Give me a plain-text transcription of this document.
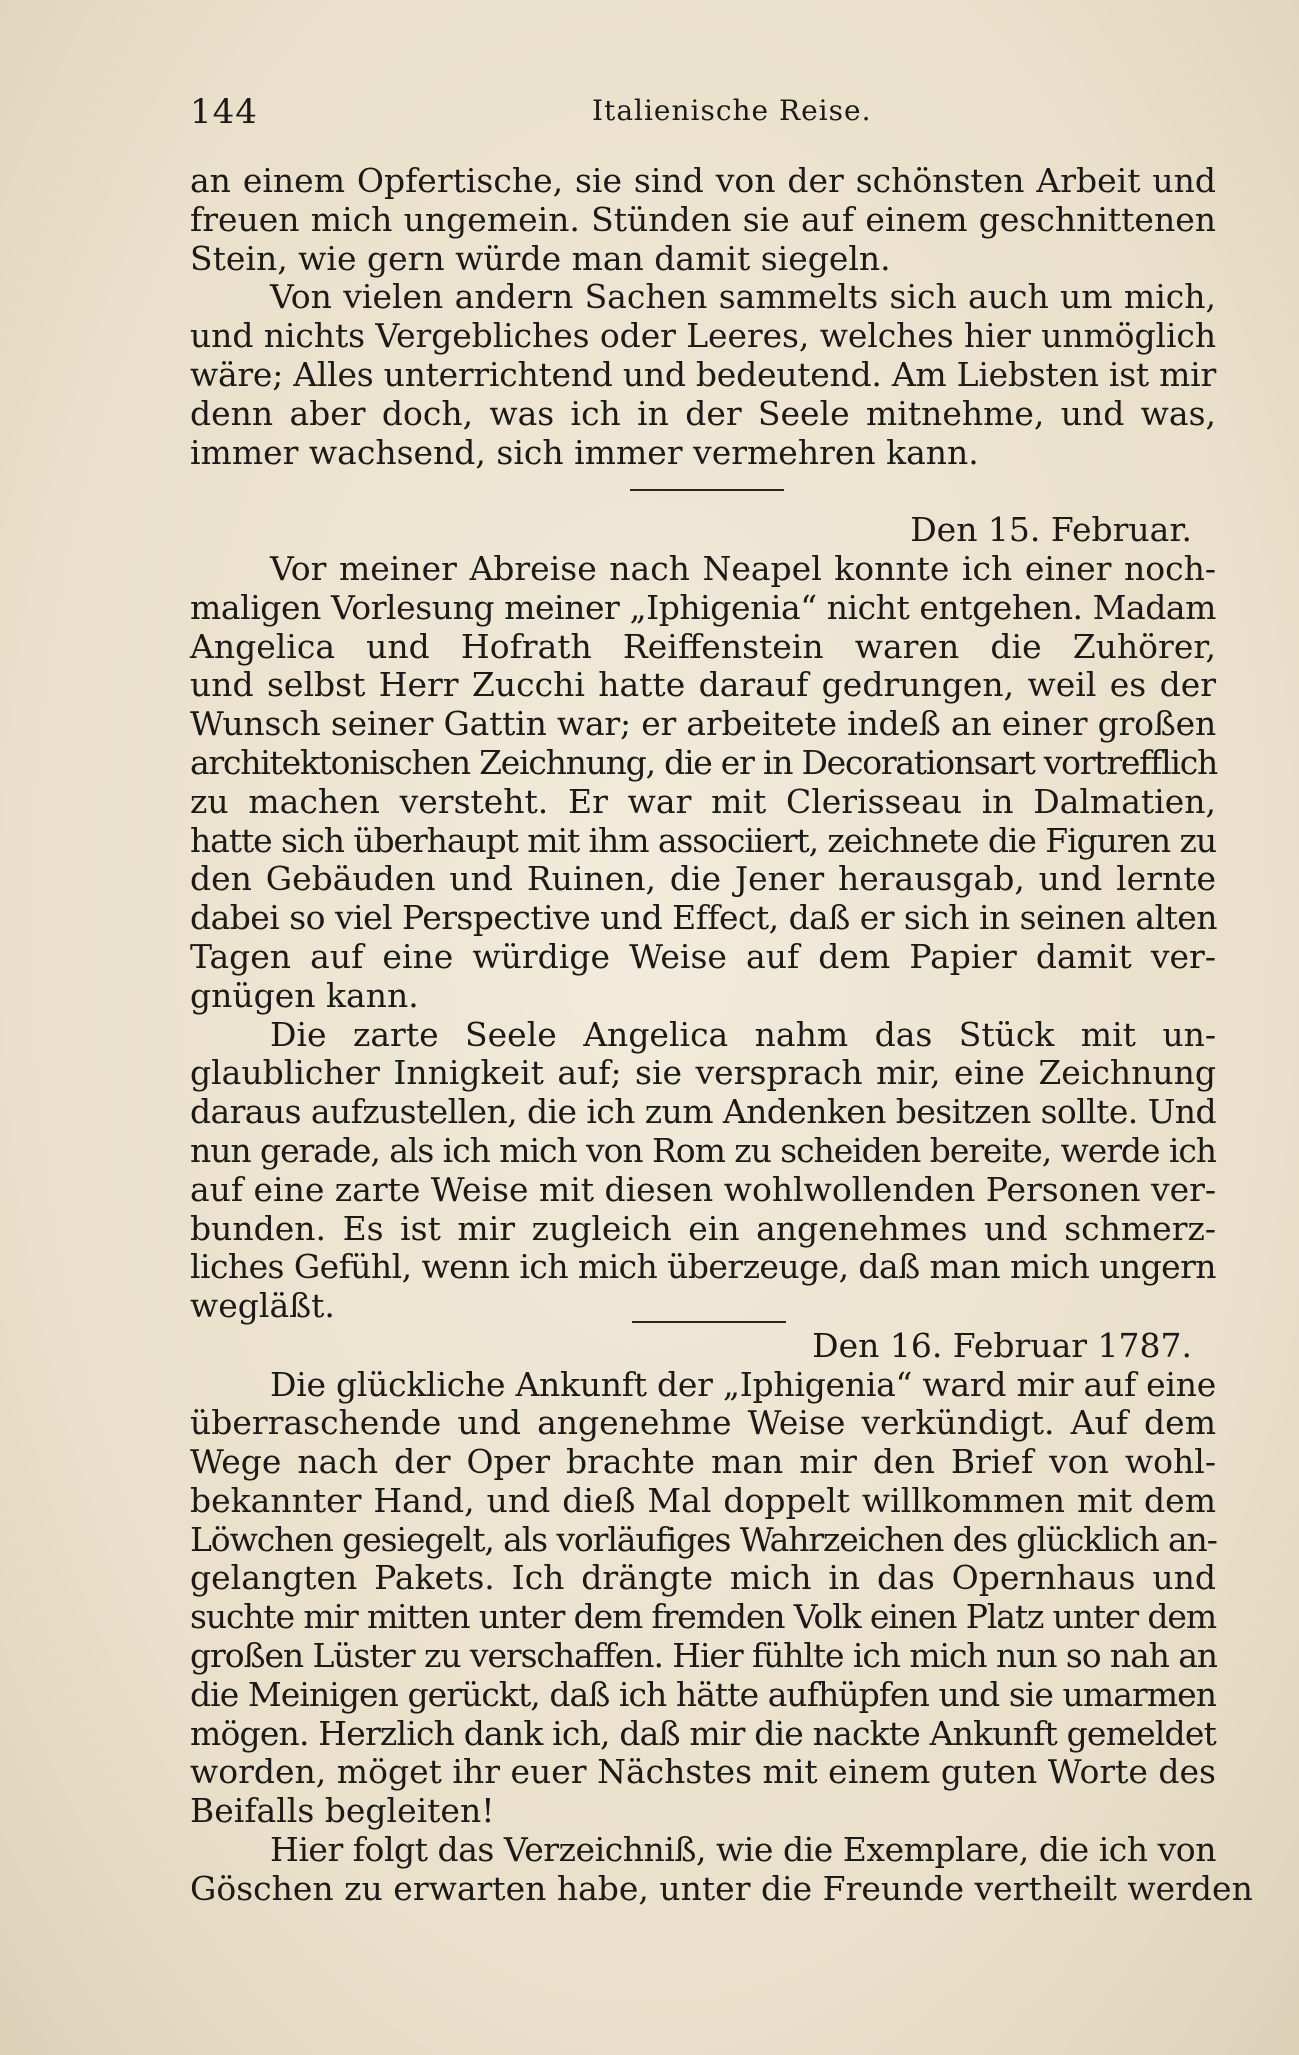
144	Italienische Reise.

an einem Opfertische, sie sind von der schönsten Arbeit und
freuen mich ungemein. Stünden sie auf einem geschnittenen
Stein, wie gern würde man damit siegeln.

Von vielen andern Sachen sammelts sich auch um mich,
und nichts Vergebliches oder Leeres, welches hier unmöglich
wäre; Alles unterrichtend und bedeutend. Am Liebsten ist mir
denn aber doch, was ich in der Seele mitnehme, und was,
immer wachsend, sich immer vermehren kann.

Den 15. Februar.

Vor meiner Abreise nach Neapel konnte ich einer noch-
maligen Vorlesung meiner „Iphigenia“ nicht entgehen. Madam
Angelica und Hofrath Reiffenstein waren die Zuhörer,
und selbst Herr Zucchi hatte darauf gedrungen, weil es der
Wunsch seiner Gattin war; er arbeitete indeß an einer großen
architektonischen Zeichnung, die er in Decorationsart vortrefflich
zu machen versteht. Er war mit Clerisseau in Dalmatien,
hatte sich überhaupt mit ihm associiert, zeichnete die Figuren zu
den Gebäuden und Ruinen, die Jener herausgab, und lernte
dabei so viel Perspective und Effect, daß er sich in seinen alten
Tagen auf eine würdige Weise auf dem Papier damit ver-
gnügen kann.

Die zarte Seele Angelica nahm das Stück mit un-
glaublicher Innigkeit auf; sie versprach mir, eine Zeichnung
daraus aufzustellen, die ich zum Andenken besitzen sollte. Und
nun gerade, als ich mich von Rom zu scheiden bereite, werde ich
auf eine zarte Weise mit diesen wohlwollenden Personen ver-
bunden. Es ist mir zugleich ein angenehmes und schmerz-
liches Gefühl, wenn ich mich überzeuge, daß man mich ungern
wegläßt.

Den 16. Februar 1787.

Die glückliche Ankunft der „Iphigenia“ ward mir auf eine
überraschende und angenehme Weise verkündigt. Auf dem
Wege nach der Oper brachte man mir den Brief von wohl-
bekannter Hand, und dieß Mal doppelt willkommen mit dem
Löwchen gesiegelt, als vorläufiges Wahrzeichen des glücklich an-
gelangten Pakets. Ich drängte mich in das Opernhaus und
suchte mir mitten unter dem fremden Volk einen Platz unter dem
großen Lüster zu verschaffen. Hier fühlte ich mich nun so nah an
die Meinigen gerückt, daß ich hätte aufhüpfen und sie umarmen
mögen. Herzlich dank ich, daß mir die nackte Ankunft gemeldet
worden, möget ihr euer Nächstes mit einem guten Worte des
Beifalls begleiten!

Hier folgt das Verzeichniß, wie die Exemplare, die ich von
Göschen zu erwarten habe, unter die Freunde vertheilt werden
